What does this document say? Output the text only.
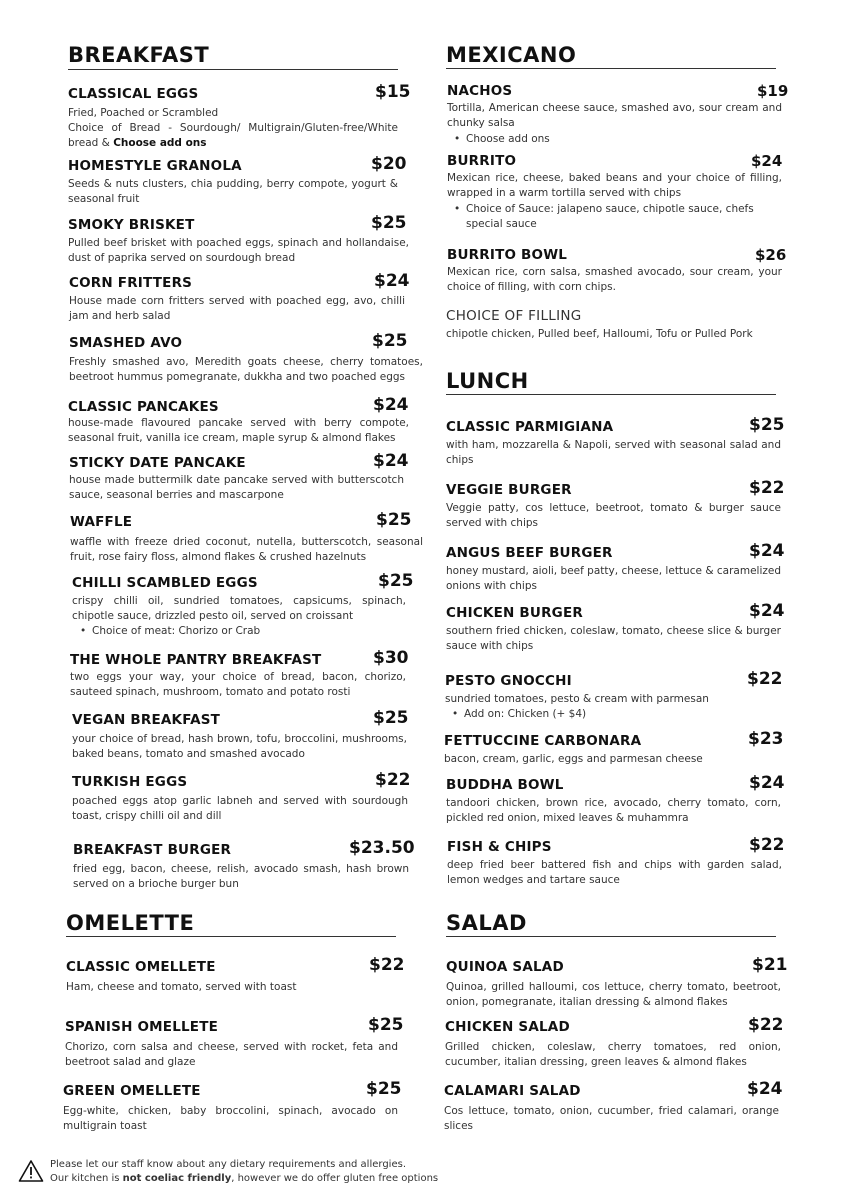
BREAKFAST	MEXICANO
LUNCH
OMELETTE	SALAD
CLASSICAL EGGS	$15
Fried, Poached or Scrambled
Choice of Bread - Sourdough/ Multigrain/Gluten-free/White bread & Choose add ons
HOMESTYLE GRANOLA	$20
Seeds & nuts clusters, chia pudding, berry compote, yogurt & seasonal fruit
SMOKY BRISKET	$25
Pulled beef brisket with poached eggs, spinach and hollandaise, dust of paprika served on sourdough bread
CORN FRITTERS	$24
House made corn fritters served with poached egg, avo, chilli jam and herb salad
SMASHED AVO	$25
Freshly smashed avo, Meredith goats cheese, cherry tomatoes, beetroot hummus pomegranate, dukkha and two poached eggs
CLASSIC PANCAKES	$24
house-made flavoured pancake served with berry compote, seasonal fruit, vanilla ice cream, maple syrup & almond flakes
STICKY DATE PANCAKE	$24
house made buttermilk date pancake served with butterscotch sauce, seasonal berries and mascarpone
WAFFLE	$25
waffle with freeze dried coconut, nutella, butterscotch, seasonal fruit, rose fairy floss, almond flakes & crushed hazelnuts
CHILLI SCAMBLED EGGS	$25
crispy chilli oil, sundried tomatoes, capsicums, spinach, chipotle sauce, drizzled pesto oil, served on croissant
• Choice of meat: Chorizo or Crab
THE WHOLE PANTRY BREAKFAST	$30
two eggs your way, your choice of bread, bacon, chorizo, sauteed spinach, mushroom, tomato and potato rosti
VEGAN BREAKFAST	$25
your choice of bread, hash brown, tofu, broccolini, mushrooms, baked beans, tomato and smashed avocado
TURKISH EGGS	$22
poached eggs atop garlic labneh and served with sourdough toast, crispy chilli oil and dill
BREAKFAST BURGER	$23.50
fried egg, bacon, cheese, relish, avocado smash, hash brown served on a brioche burger bun
NACHOS	$19
Tortilla, American cheese sauce, smashed avo, sour cream and chunky salsa
• Choose add ons
BURRITO	$24
Mexican rice, cheese, baked beans and your choice of filling, wrapped in a warm tortilla served with chips
• Choice of Sauce: jalapeno sauce, chipotle sauce, chefs special sauce
BURRITO BOWL	$26
Mexican rice, corn salsa, smashed avocado, sour cream, your choice of filling, with corn chips.
CHOICE OF FILLING
chipotle chicken, Pulled beef, Halloumi, Tofu or Pulled Pork
CLASSIC PARMIGIANA	$25
with ham, mozzarella & Napoli, served with seasonal salad and chips
VEGGIE BURGER	$22
Veggie patty, cos lettuce, beetroot, tomato & burger sauce served with chips
ANGUS BEEF BURGER	$24
honey mustard, aioli, beef patty, cheese, lettuce & caramelized onions with chips
CHICKEN BURGER	$24
southern fried chicken, coleslaw, tomato, cheese slice & burger sauce with chips
PESTO GNOCCHI	$22
sundried tomatoes, pesto & cream with parmesan
• Add on: Chicken (+ $4)
FETTUCCINE CARBONARA	$23
bacon, cream, garlic, eggs and parmesan cheese
BUDDHA BOWL	$24
tandoori chicken, brown rice, avocado, cherry tomato, corn, pickled red onion, mixed leaves & muhammra
FISH & CHIPS	$22
deep fried beer battered fish and chips with garden salad, lemon wedges and tartare sauce
CLASSIC OMELLETE	$22
Ham, cheese and tomato, served with toast
SPANISH OMELLETE	$25
Chorizo, corn salsa and cheese, served with rocket, feta and beetroot salad and glaze
GREEN OMELLETE	$25
Egg-white, chicken, baby broccolini, spinach, avocado on multigrain toast
QUINOA SALAD	$21
Quinoa, grilled halloumi, cos lettuce, cherry tomato, beetroot, onion, pomegranate, italian dressing & almond flakes
CHICKEN SALAD	$22
Grilled chicken, coleslaw, cherry tomatoes, red onion, cucumber, italian dressing, green leaves & almond flakes
CALAMARI SALAD	$24
Cos lettuce, tomato, onion, cucumber, fried calamari, orange slices
Please let our staff know about any dietary requirements and allergies.
Our kitchen is not coeliac friendly, however we do offer gluten free options
